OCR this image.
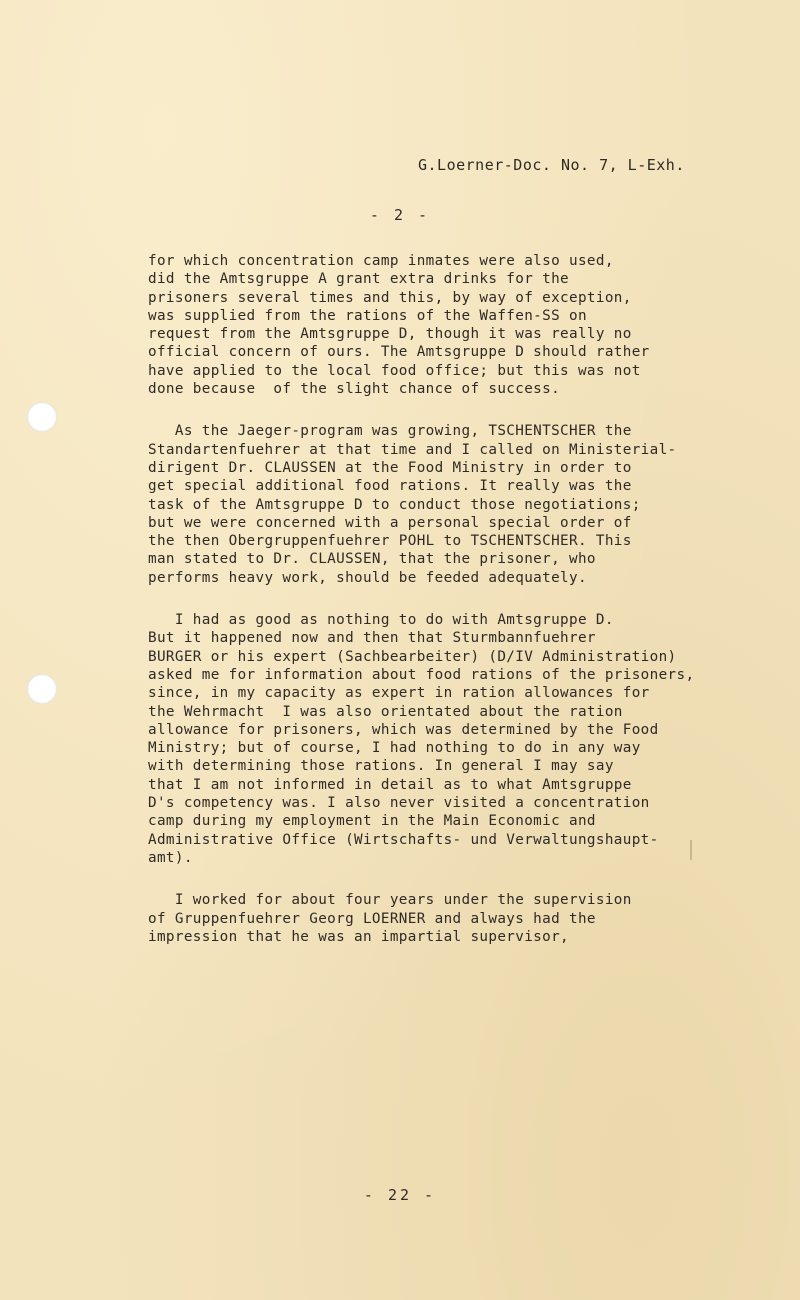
G.Loerner-Doc. No. 7, L-Exh.
- 2 -
for which concentration camp inmates were also used,
did the Amtsgruppe A grant extra drinks for the
prisoners several times and this, by way of exception,
was supplied from the rations of the Waffen-SS on
request from the Amtsgruppe D, though it was really no
official concern of ours. The Amtsgruppe D should rather
have applied to the local food office; but this was not
done because  of the slight chance of success.
As the Jaeger-program was growing, TSCHENTSCHER the
Standartenfuehrer at that time and I called on Ministerial-
dirigent Dr. CLAUSSEN at the Food Ministry in order to
get special additional food rations. It really was the
task of the Amtsgruppe D to conduct those negotiations;
but we were concerned with a personal special order of
the then Obergruppenfuehrer POHL to TSCHENTSCHER. This
man stated to Dr. CLAUSSEN, that the prisoner, who
performs heavy work, should be feeded adequately.
I had as good as nothing to do with Amtsgruppe D.
But it happened now and then that Sturmbannfuehrer
BURGER or his expert (Sachbearbeiter) (D/IV Administration)
asked me for information about food rations of the prisoners,
since, in my capacity as expert in ration allowances for
the Wehrmacht  I was also orientated about the ration
allowance for prisoners, which was determined by the Food
Ministry; but of course, I had nothing to do in any way
with determining those rations. In general I may say
that I am not informed in detail as to what Amtsgruppe
D's competency was. I also never visited a concentration
camp during my employment in the Main Economic and
Administrative Office (Wirtschafts- und Verwaltungshaupt-
amt).
I worked for about four years under the supervision
of Gruppenfuehrer Georg LOERNER and always had the
impression that he was an impartial supervisor,
- 22 -
